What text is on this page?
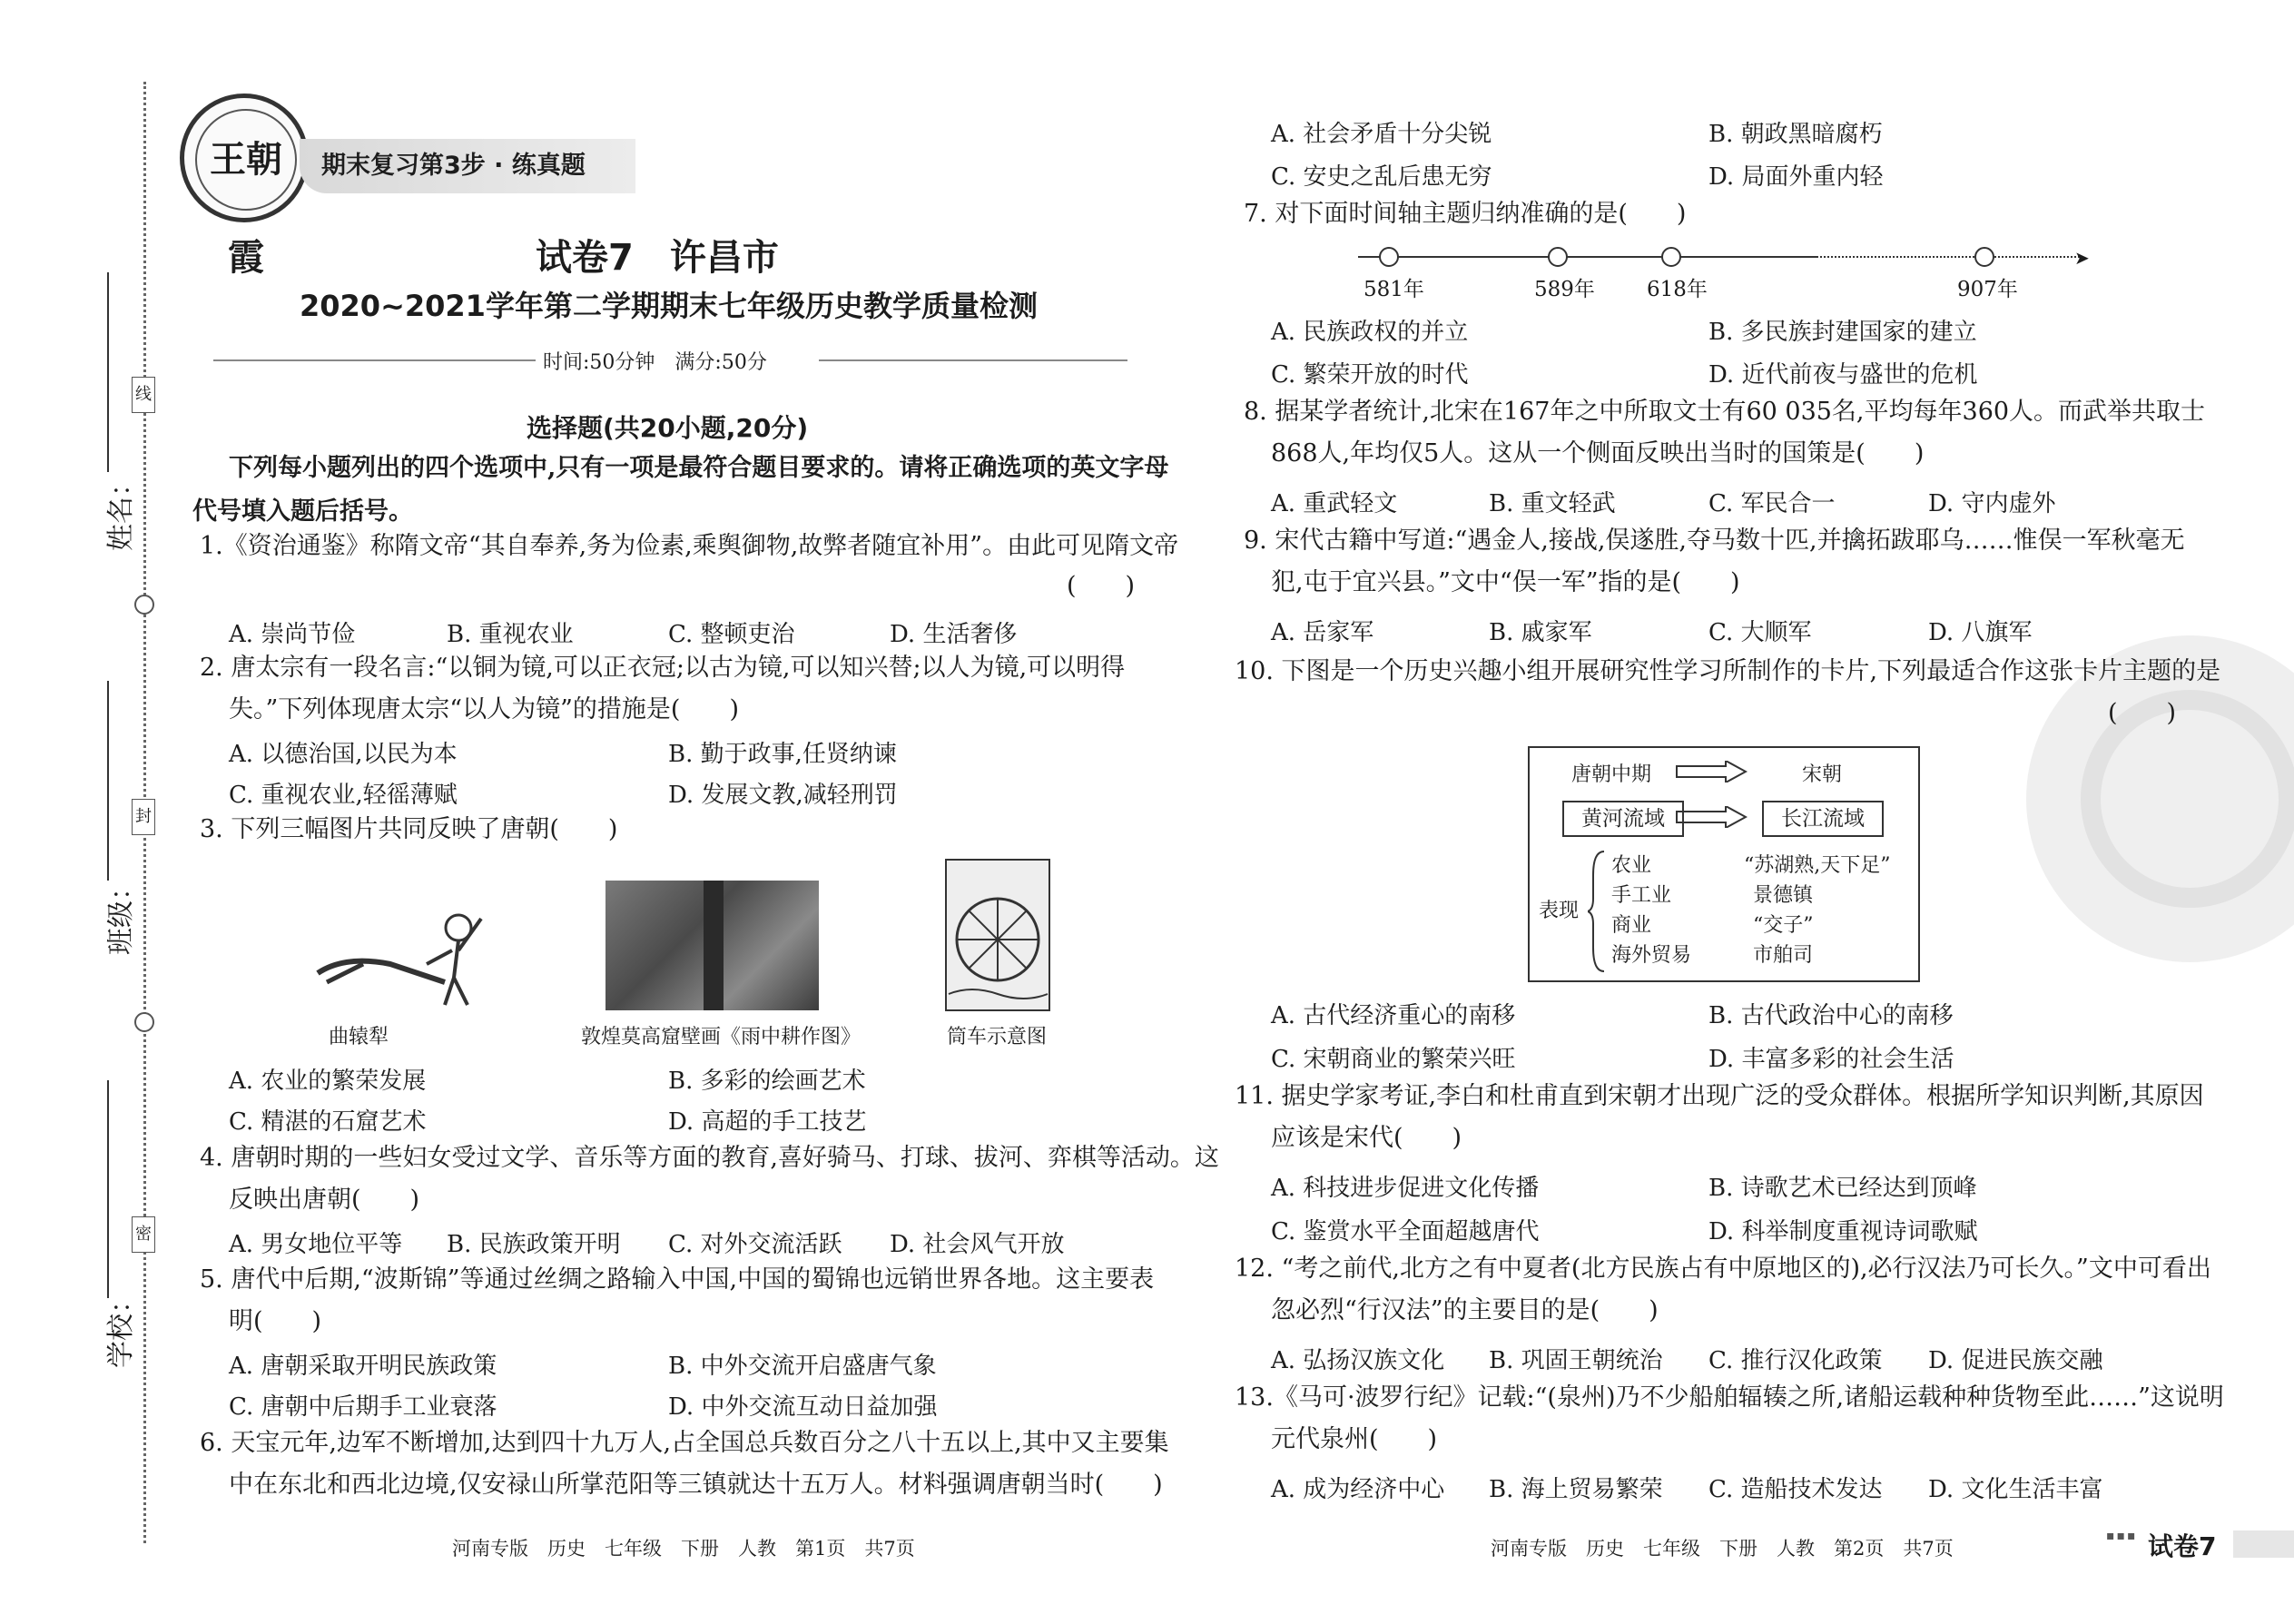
姓名：
班级：
学校：
线
封
密
王朝霞
期末复习第3步 · 练真题
试卷7　许昌市
2020~2021学年第二学期期末七年级历史教学质量检测
时间:50分钟　满分:50分
选择题(共20小题,20分)
下列每小题列出的四个选项中,只有一项是最符合题目要求的。请将正确选项的英文字母
代号填入题后括号。
1.《资治通鉴》称隋文帝“其自奉养,务为俭素,乘舆御物,故弊者随宜补用”。由此可见隋文帝
(　　)
A. 崇尚节俭	B. 重视农业	C. 整顿吏治	D. 生活奢侈
2. 唐太宗有一段名言:“以铜为镜,可以正衣冠;以古为镜,可以知兴替;以人为镜,可以明得
失。”下列体现唐太宗“以人为镜”的措施是(　　)
A. 以德治国,以民为本	B. 勤于政事,任贤纳谏
C. 重视农业,轻徭薄赋	D. 发展文教,减轻刑罚
3. 下列三幅图片共同反映了唐朝(　　)
曲辕犁	敦煌莫高窟壁画《雨中耕作图》	筒车示意图
A. 农业的繁荣发展	B. 多彩的绘画艺术
C. 精湛的石窟艺术	D. 高超的手工技艺
4. 唐朝时期的一些妇女受过文学、音乐等方面的教育,喜好骑马、打球、拔河、弈棋等活动。这
反映出唐朝(　　)
A. 男女地位平等 B. 民族政策开明 C. 对外交流活跃 D. 社会风气开放
5. 唐代中后期,“波斯锦”等通过丝绸之路输入中国,中国的蜀锦也远销世界各地。这主要表
明(　　)
A. 唐朝采取开明民族政策	B. 中外交流开启盛唐气象
C. 唐朝中后期手工业衰落	D. 中外交流互动日益加强
6. 天宝元年,边军不断增加,达到四十九万人,占全国总兵数百分之八十五以上,其中又主要集
中在东北和西北边境,仅安禄山所掌范阳等三镇就达十五万人。材料强调唐朝当时(　　)
A. 社会矛盾十分尖锐	B. 朝政黑暗腐朽
C. 安史之乱后患无穷	D. 局面外重内轻
7. 对下面时间轴主题归纳准确的是(　　)
➤
581年	589年 618年	907年
A. 民族政权的并立	B. 多民族封建国家的建立
C. 繁荣开放的时代	D. 近代前夜与盛世的危机
8. 据某学者统计,北宋在167年之中所取文士有60 035名,平均每年360人。而武举共取士
868人,年均仅5人。这从一个侧面反映出当时的国策是(　　)
A. 重武轻文	B. 重文轻武	C. 军民合一	D. 守内虚外
9. 宋代古籍中写道:“遇金人,接战,俣遂胜,夺马数十匹,并擒拓跋耶乌……惟俣一军秋毫无
犯,屯于宜兴县。”文中“俣一军”指的是(　　)
A. 岳家军	B. 戚家军	C. 大顺军	D. 八旗军
10. 下图是一个历史兴趣小组开展研究性学习所制作的卡片,下列最适合作这张卡片主题的是
(　　)
唐朝中期	宋朝
黄河流域	长江流域
表现
农业	“苏湖熟,天下足”
手工业	景德镇
商业	“交子”
海外贸易	市舶司
A. 古代经济重心的南移	B. 古代政治中心的南移
C. 宋朝商业的繁荣兴旺	D. 丰富多彩的社会生活
11. 据史学家考证,李白和杜甫直到宋朝才出现广泛的受众群体。根据所学知识判断,其原因
应该是宋代(　　)
A. 科技进步促进文化传播	B. 诗歌艺术已经达到顶峰
C. 鉴赏水平全面超越唐代	D. 科举制度重视诗词歌赋
12. “考之前代,北方之有中夏者(北方民族占有中原地区的),必行汉法乃可长久。”文中可看出
忽必烈“行汉法”的主要目的是(　　)
A. 弘扬汉族文化 B. 巩固王朝统治 C. 推行汉化政策 D. 促进民族交融
13.《马可·波罗行纪》记载:“(泉州)乃不少船舶辐辏之所,诸船运载种种货物至此……”这说明
元代泉州(　　)
A. 成为经济中心 B. 海上贸易繁荣 C. 造船技术发达 D. 文化生活丰富
河南专版　历史　七年级　下册　人教　第1页　共7页	河南专版　历史　七年级　下册　人教　第2页　共7页
▪▪▪ 试卷7
